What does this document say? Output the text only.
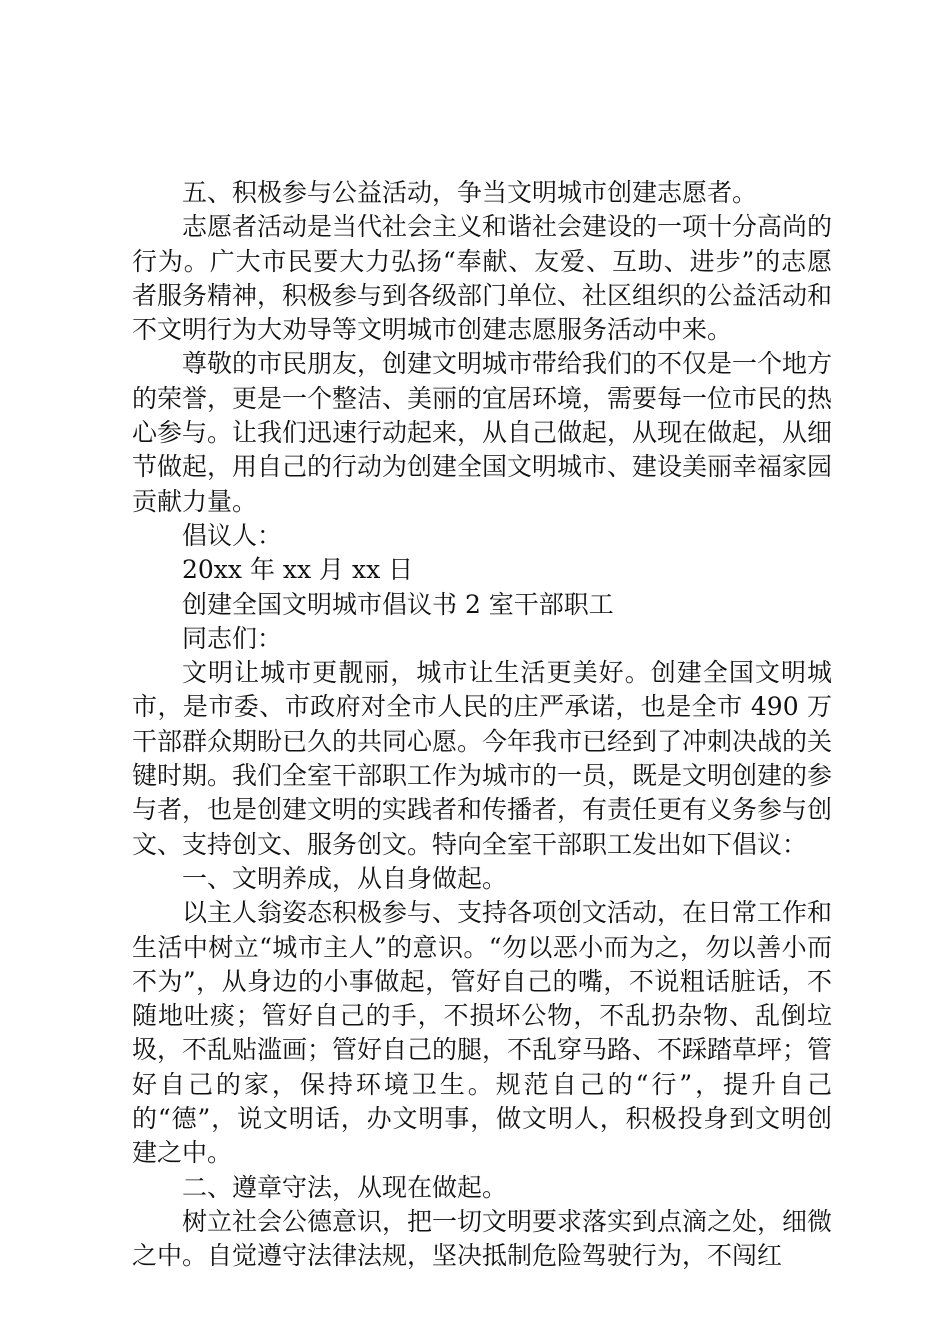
五、积极参与公益活动，争当文明城市创建志愿者。

志愿者活动是当代社会主义和谐社会建设的一项十分高尚的行为。广大市民要大力弘扬“奉献、友爱、互助、进步”的志愿者服务精神，积极参与到各级部门单位、社区组织的公益活动和不文明行为大劝导等文明城市创建志愿服务活动中来。

尊敬的市民朋友，创建文明城市带给我们的不仅是一个地方的荣誉，更是一个整洁、美丽的宜居环境，需要每一位市民的热心参与。让我们迅速行动起来，从自己做起，从现在做起，从细节做起，用自己的行动为创建全国文明城市、建设美丽幸福家园贡献力量。

倡议人：

20xx 年 xx 月 xx 日

创建全国文明城市倡议书 2 室干部职工

同志们：

文明让城市更靓丽，城市让生活更美好。创建全国文明城市，是市委、市政府对全市人民的庄严承诺，也是全市 490 万干部群众期盼已久的共同心愿。今年我市已经到了冲刺决战的关键时期。我们全室干部职工作为城市的一员，既是文明创建的参与者，也是创建文明的实践者和传播者，有责任更有义务参与创文、支持创文、服务创文。特向全室干部职工发出如下倡议：

一、文明养成，从自身做起。

以主人翁姿态积极参与、支持各项创文活动，在日常工作和生活中树立“城市主人”的意识。“勿以恶小而为之，勿以善小而不为”，从身边的小事做起，管好自己的嘴，不说粗话脏话，不随地吐痰；管好自己的手，不损坏公物，不乱扔杂物、乱倒垃圾，不乱贴滥画；管好自己的腿，不乱穿马路、不踩踏草坪；管好自己的家，保持环境卫生。规范自己的“行”，提升自己的“德”，说文明话，办文明事，做文明人，积极投身到文明创建之中。

二、遵章守法，从现在做起。

树立社会公德意识，把一切文明要求落实到点滴之处，细微之中。自觉遵守法律法规，坚决抵制危险驾驶行为，不闯红
